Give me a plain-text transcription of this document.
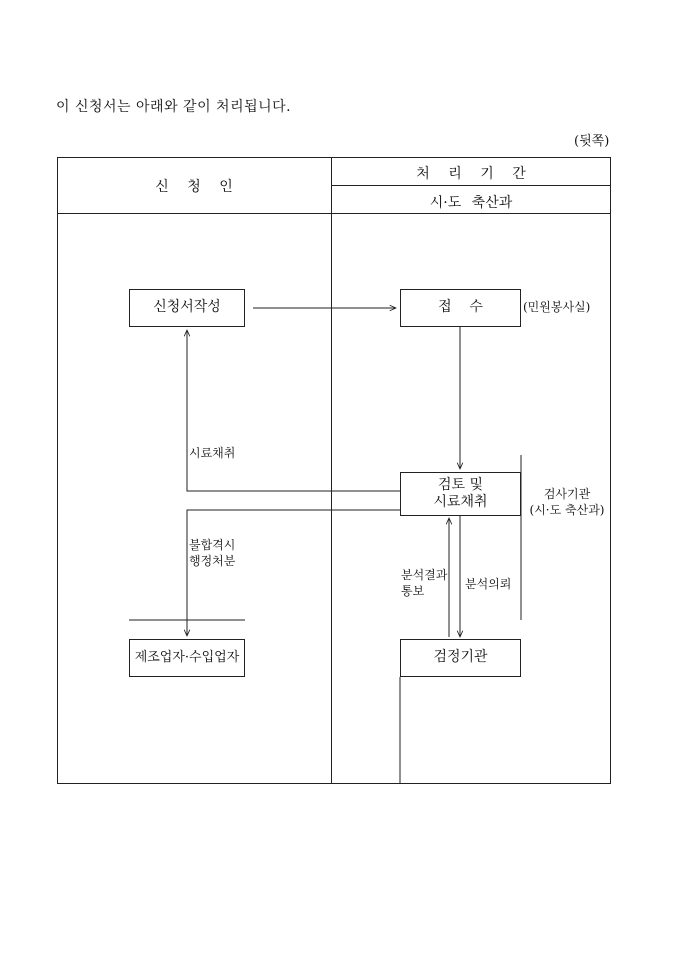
이 신청서는 아래와 같이 처리됩니다.
(뒷쪽)
신 청 인
처 리 기 간
시·도 축산과
신청서작성	접    수	(민원봉사실)
검토 및
시료채취	검사기관
(시·도 축산과)
제조업자·수입업자	검정기관
시료채취
불합격시
행정처분
분석결과
통보	분석의뢰
